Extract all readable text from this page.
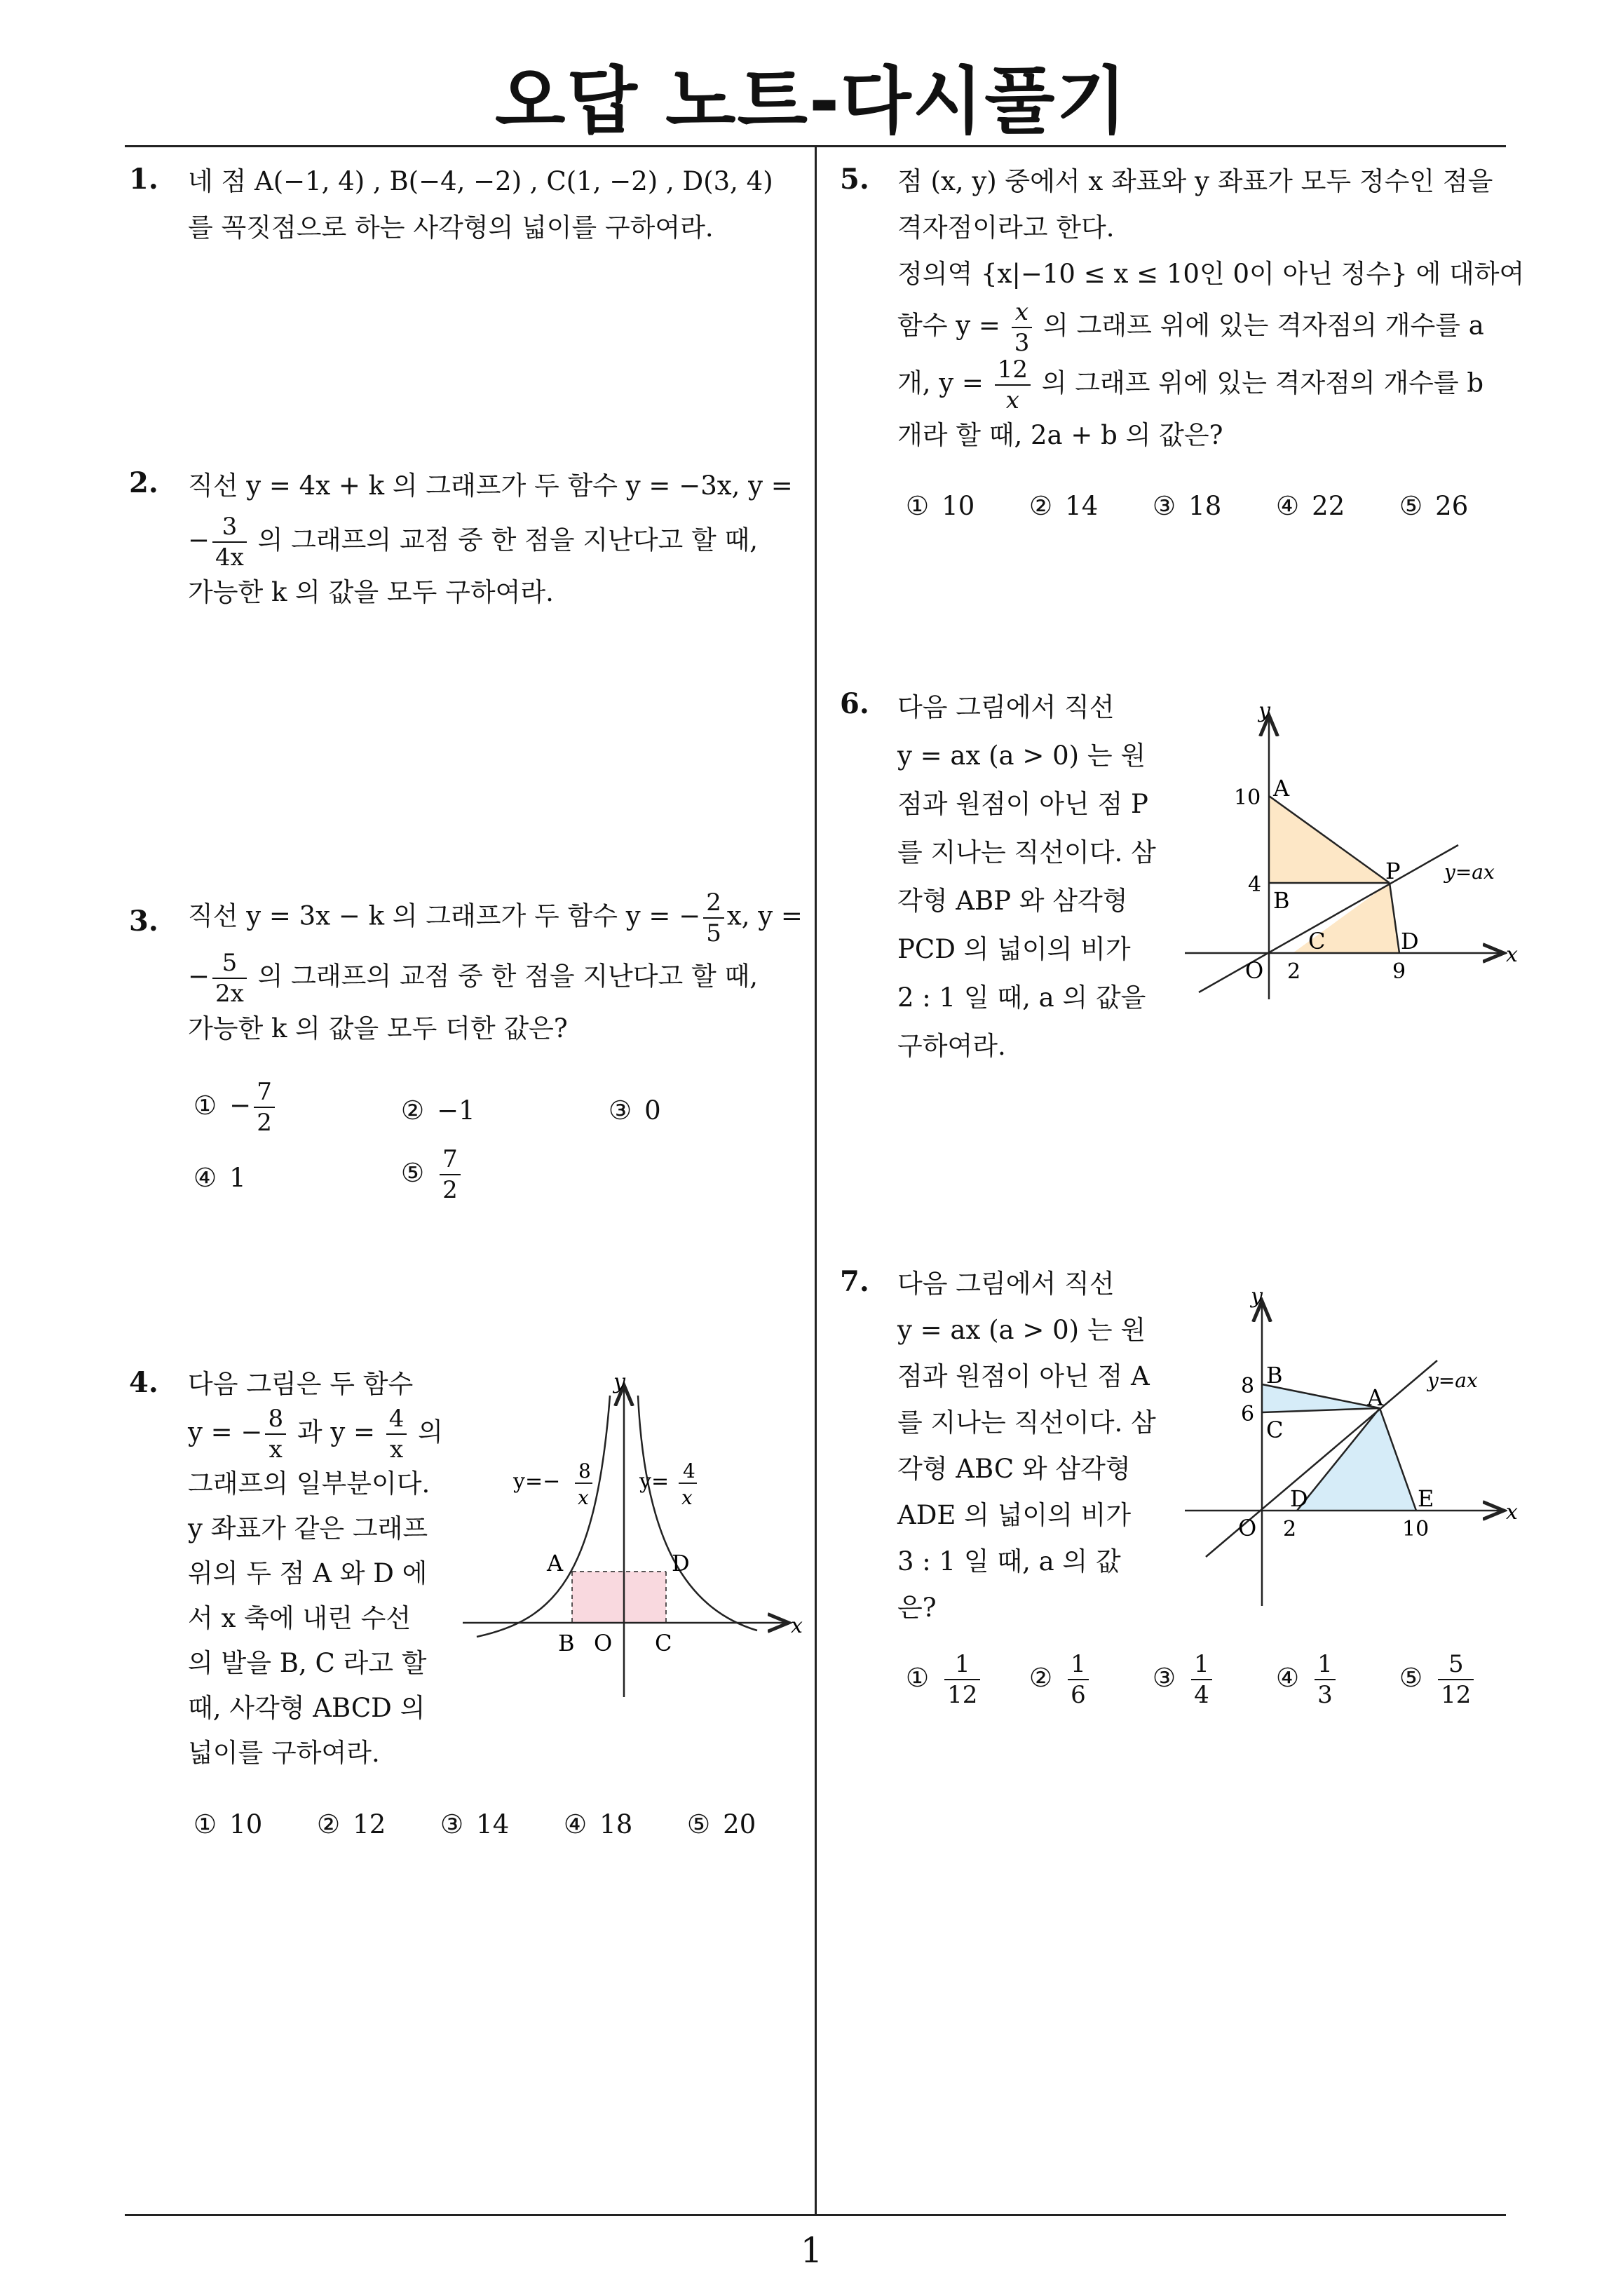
오답 노트-다시풀기
1
1. 네 점 A(−1, 4) , B(−4, −2) , C(1, −2) , D(3, 4)
를 꼭짓점으로 하는 사각형의 넓이를 구하여라.
2. 직선 y = 4x + k 의 그래프가 두 함수 y = −3x, y =
− $\frac{3}{4x}$ 의 그래프의 교점 중 한 점을 지난다고 할 때,
가능한 k 의 값을 모두 구하여라.
3. 직선 y = 3x − k 의 그래프가 두 함수 y = − $\frac{2}{5} x$, y =
− $\frac{5}{2x}$ 의 그래프의 교점 중 한 점을 지난다고 할 때,
가능한 k 의 값을 모두 더한 값은?
① − $\frac{7}{2}$	② −1	③ 0
④ 1	⑤ $\frac{7}{2}$
4. 다음 그림은 두 함수
y = − $\frac{8}{x}$ 과 $y = \frac{4}{x}$ 의
그래프의 일부분이다.
y 좌표가 같은 그래프
위의 두 점 A 와 D 에
서 x 축에 내린 수선
의 발을 B, C 라고 할
때, 사각형 ABCD 의
넓이를 구하여라.
y=− 8
x
y= 4
x
x
y
A	D
B O C
① 10 ② 12 ③ 14 ④ 18 ⑤ 20
5. 점 (x, y) 중에서 x 좌표와 y 좌표가 모두 정수인 점을
격자점이라고 한다.
정의역 {x|−10 ≤ x ≤ 10인 0이 아닌 정수} 에 대하여
함수 $y = \frac{x}{3}$ 의 그래프 위에 있는 격자점의 개수를 a
개, $y = \frac{12}{x}$ 의 그래프 위에 있는 격자점의 개수를 b
개라 할 때, 2a + b 의 값은?
① 10 ② 14 ③ 18 ④ 22 ⑤ 26
6. 다음 그림에서 직선
y = ax (a > 0) 는 원
점과 원점이 아닌 점 P
를 지나는 직선이다. 삼
각형 ABP 와 삼각형
PCD 의 넓이의 비가
2 : 1 일 때, a 의 값을
구하여라.
y
x
10
4
2	9
A
B
P
C	D
O
y=ax
7. 다음 그림에서 직선
y = ax (a > 0) 는 원
점과 원점이 아닌 점 A
를 지나는 직선이다. 삼
각형 ABC 와 삼각형
ADE 의 넓이의 비가
3 : 1 일 때, a 의 값
은?
y
x
8
6
2	10
B
C
A
D	E
O
y=ax
① $\frac{1}{12}$ ② $\frac{1}{6}$ ③ $\frac{1}{4}$ ④ $\frac{1}{3}$ ⑤ $\frac{5}{12}$
